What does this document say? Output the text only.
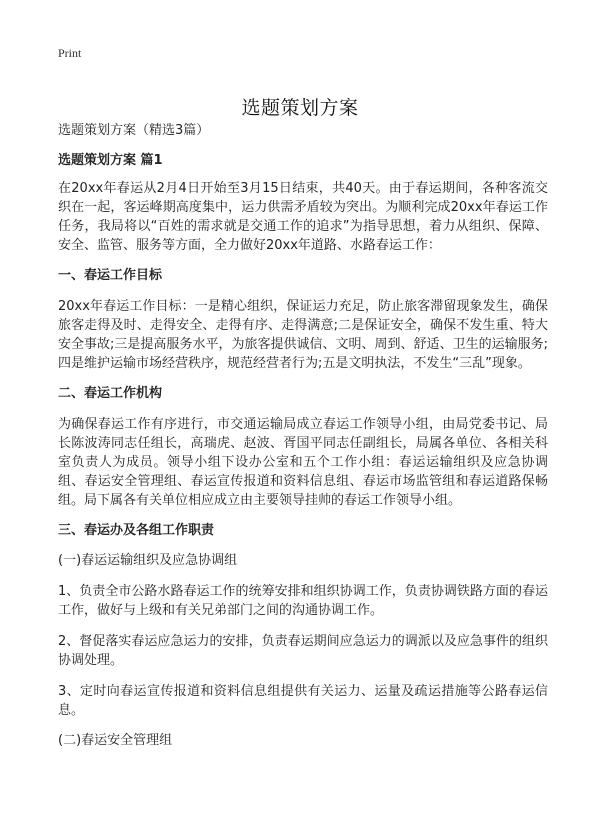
Print
选题策划方案

选题策划方案（精选3篇）

选题策划方案 篇1

在20xx年春运从2月4日开始至3月15日结束，共40天。由于春运期间，各种客流交织在一起，客运峰期高度集中，运力供需矛盾较为突出。为顺利完成20xx年春运工作任务，我局将以“百姓的需求就是交通工作的追求”为指导思想，着力从组织、保障、安全、监管、服务等方面，全力做好20xx年道路、水路春运工作：

一、春运工作目标

20xx年春运工作目标：一是精心组织，保证运力充足，防止旅客滞留现象发生，确保旅客走得及时、走得安全、走得有序、走得满意;二是保证安全，确保不发生重、特大安全事故;三是提高服务水平，为旅客提供诚信、文明、周到、舒适、卫生的运输服务;四是维护运输市场经营秩序，规范经营者行为;五是文明执法，不发生“三乱”现象。

二、春运工作机构

为确保春运工作有序进行，市交通运输局成立春运工作领导小组，由局党委书记、局长陈波涛同志任组长，高瑞虎、赵波、胥国平同志任副组长，局属各单位、各相关科室负责人为成员。领导小组下设办公室和五个工作小组：春运运输组织及应急协调组、春运安全管理组、春运宣传报道和资料信息组、春运市场监管组和春运道路保畅组。局下属各有关单位相应成立由主要领导挂帅的春运工作领导小组。

三、春运办及各组工作职责

(一)春运运输组织及应急协调组

1、负责全市公路水路春运工作的统筹安排和组织协调工作，负责协调铁路方面的春运工作，做好与上级和有关兄弟部门之间的沟通协调工作。

2、督促落实春运应急运力的安排，负责春运期间应急运力的调派以及应急事件的组织协调处理。

3、定时向春运宣传报道和资料信息组提供有关运力、运量及疏运措施等公路春运信息。

(二)春运安全管理组
